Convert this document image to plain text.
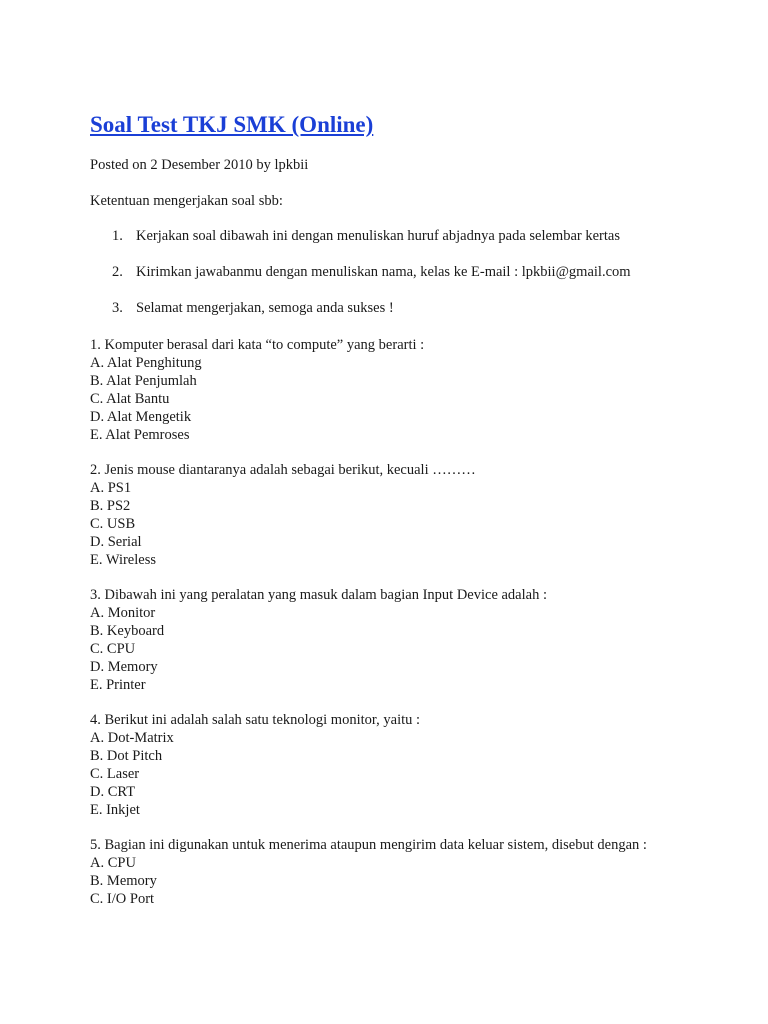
Soal Test TKJ SMK (Online)
Posted on 2 Desember 2010 by lpkbii
Ketentuan mengerjakan soal sbb:
1. Kerjakan soal dibawah ini dengan menuliskan huruf abjadnya pada selembar kertas
2. Kirimkan jawabanmu dengan menuliskan nama, kelas ke E-mail : lpkbii@gmail.com
3. Selamat mengerjakan, semoga anda sukses !
1. Komputer berasal dari kata “to compute” yang berarti :
A. Alat Penghitung
B. Alat Penjumlah
C. Alat Bantu
D. Alat Mengetik
E. Alat Pemroses
2. Jenis mouse diantaranya adalah sebagai berikut, kecuali ………
A. PS1
B. PS2
C. USB
D. Serial
E. Wireless
3. Dibawah ini yang peralatan yang masuk dalam bagian Input Device adalah :
A. Monitor
B. Keyboard
C. CPU
D. Memory
E. Printer
4. Berikut ini adalah salah satu teknologi monitor, yaitu :
A. Dot-Matrix
B. Dot Pitch
C. Laser
D. CRT
E. Inkjet
5. Bagian ini digunakan untuk menerima ataupun mengirim data keluar sistem, disebut dengan :
A. CPU
B. Memory
C. I/O Port
